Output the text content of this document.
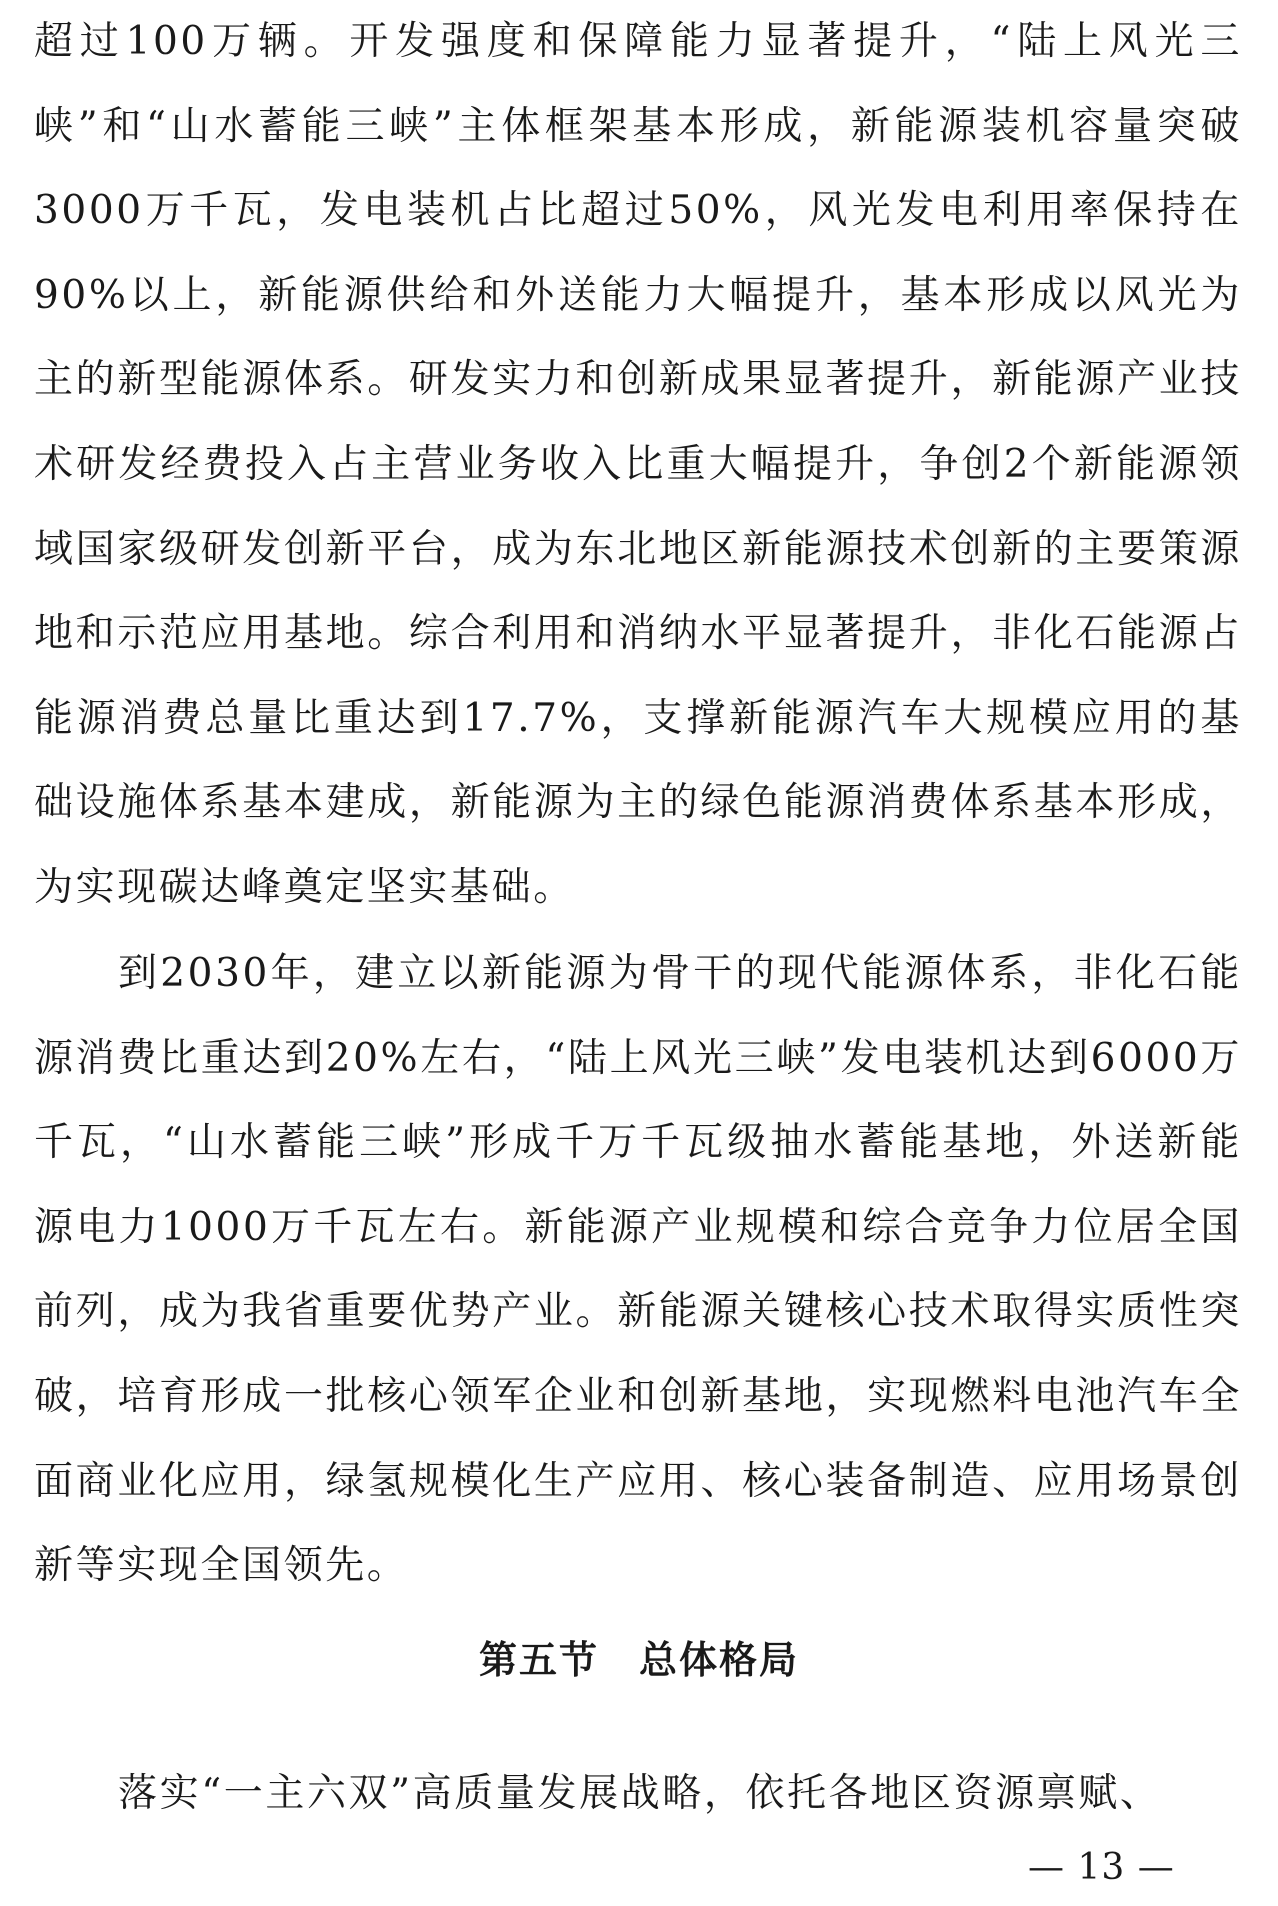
超过100万辆。开发强度和保障能力显著提升，“陆上风光三峡”和“山水蓄能三峡”主体框架基本形成，新能源装机容量突破3000万千瓦，发电装机占比超过50%，风光发电利用率保持在90%以上，新能源供给和外送能力大幅提升，基本形成以风光为主的新型能源体系。研发实力和创新成果显著提升，新能源产业技术研发经费投入占主营业务收入比重大幅提升，争创2个新能源领域国家级研发创新平台，成为东北地区新能源技术创新的主要策源地和示范应用基地。综合利用和消纳水平显著提升，非化石能源占能源消费总量比重达到17.7%，支撑新能源汽车大规模应用的基础设施体系基本建成，新能源为主的绿色能源消费体系基本形成，为实现碳达峰奠定坚实基础。

到2030年，建立以新能源为骨干的现代能源体系，非化石能源消费比重达到20%左右，“陆上风光三峡”发电装机达到6000万千瓦，“山水蓄能三峡”形成千万千瓦级抽水蓄能基地，外送新能源电力1000万千瓦左右。新能源产业规模和综合竞争力位居全国前列，成为我省重要优势产业。新能源关键核心技术取得实质性突破，培育形成一批核心领军企业和创新基地，实现燃料电池汽车全面商业化应用，绿氢规模化生产应用、核心装备制造、应用场景创新等实现全国领先。

第五节　总体格局

落实“一主六双”高质量发展战略，依托各地区资源禀赋、

— 13 —
